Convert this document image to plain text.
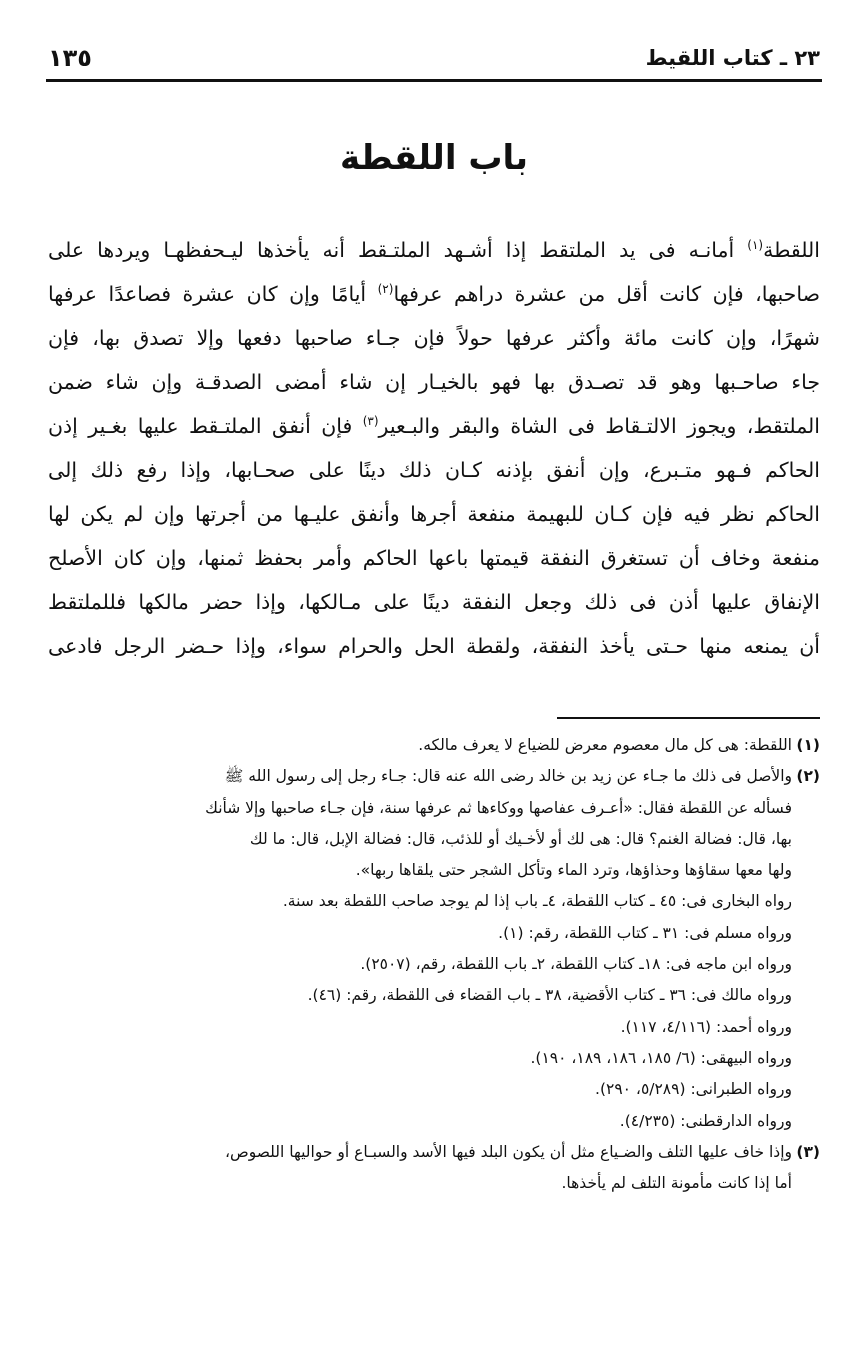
٢٣ ـ كتاب اللقيط
١٣٥
باب اللقطة

اللقطة$^{(١)}$ أمانـه فى يد الملتقط إذا أشـهد الملتـقط أنه يأخذها ليـحفظهـا ويردها على

صاحبها، فإن كانت أقل من عشرة دراهم عرفها$^{(٢)}$ أيامًا وإن كان عشرة فصاعدًا عرفها

شهرًا، وإن كانت مائة وأكثر عرفها حولاً فإن جـاء صاحبها دفعها وإلا تصدق بها، فإن

جاء صاحـبها وهو قد تصـدق بها فهو بالخيـار إن شاء أمضى الصدقـة وإن شاء ضمن

الملتقط، ويجوز الالتـقاط فى الشاة والبقر والبـعير$^{(٣)}$ فإن أنفق الملتـقط عليها بغـير إذن

الحاكم فـهو متـبرع، وإن أنفق بإذنه كـان ذلك دينًا على صحـابها، وإذا رفع ذلك إلى

الحاكم نظر فيه فإن كـان للبهيمة منفعة أجرها وأنفق عليـها من أجرتها وإن لم يكن لها

منفعة وخاف أن تستغرق النفقة قيمتها باعها الحاكم وأمر بحفظ ثمنها، وإن كان الأصلح

الإنفاق عليها أذن فى ذلك وجعل النفقة دينًا على مـالكها، وإذا حضر مالكها فللملتقط

أن يمنعه منها حـتى يأخذ النفقة، ولقطة الحل والحرام سواء، وإذا حـضر الرجل فادعى

(١)
اللقطة: هى كل مال معصوم معرض للضياع لا يعرف مالكه.
(٢)
والأصل فى ذلك ما جـاء عن زيد بن خالد رضى الله عنه قال: جـاء رجل إلى رسول الله ﷺ
فسأله عن اللقطة فقال: «أعـرف عفاصها ووكاءها ثم عرفها سنة، فإن جـاء صاحبها وإلا شأنك
بها، قال: فضالة الغنم؟ قال: هى لك أو لأخـيك أو للذئب، قال: فضالة الإبل، قال: ما لك
ولها معها سقاؤها وحذاؤها، وترد الماء وتأكل الشجر حتى يلقاها ربها».
رواه البخارى فى: ٤٥ ـ كتاب اللقطة، ٤ـ باب إذا لم يوجد صاحب اللقطة بعد سنة.
ورواه مسلم فى: ٣١ ـ كتاب اللقطة، رقم: (١).
ورواه ابن ماجه فى: ١٨ـ كتاب اللقطة، ٢ـ باب اللقطة، رقم، (٢٥٠٧).
ورواه مالك فى: ٣٦ ـ كتاب الأقضية، ٣٨ ـ باب القضاء فى اللقطة، رقم: (٤٦).
ورواه أحمد: (٤/١١٦، ١١٧).
ورواه البيهقى: (٦/ ١٨٥، ١٨٦، ١٨٩، ١٩٠).
ورواه الطبرانى: (٥/٢٨٩، ٢٩٠).
ورواه الدارقطنى: (٤/٢٣٥).
(٣)
وإذا خاف عليها التلف والضـياع مثل أن يكون البلد فيها الأسد والسبـاع أو حواليها اللصوص،
أما إذا كانت مأمونة التلف لم يأخذها.
